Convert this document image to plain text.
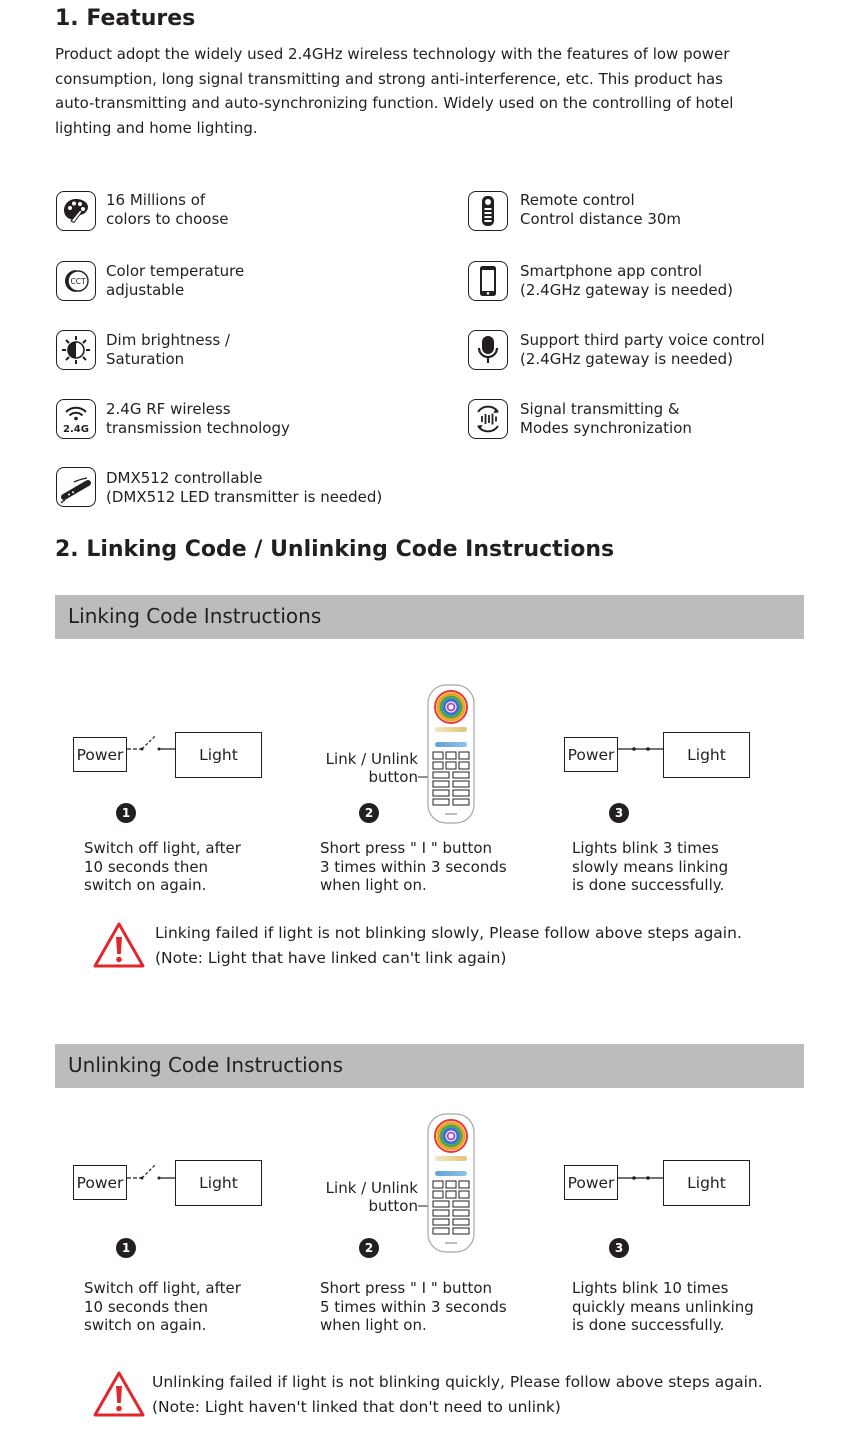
1. Features
Product adopt the widely used 2.4GHz wireless technology with the features of low power consumption, long signal transmitting and strong anti-interference, etc. This product has auto-transmitting and auto-synchronizing function. Widely used on the controlling of hotel lighting and home lighting.
16 Millions of
colors to choose
Remote control
Control distance 30m
CCT
Color temperature
adjustable
Smartphone app control
(2.4GHz gateway is needed)
Dim brightness /
Saturation
Support third party voice control
(2.4GHz gateway is needed)
2.4G
2.4G RF wireless
transmission technology
Signal transmitting &
Modes synchronization
DMX512 controllable
(DMX512 LED transmitter is needed)
2. Linking Code / Unlinking Code Instructions
Linking Code Instructions
Power	Light	Link / Unlink
button
Power	Light
1	2	3
Switch off light, after
10 seconds then
switch on again.
Short press " I " button
3 times within 3 seconds
when light on.
Lights blink 3 times
slowly means linking
is done successfully.
Linking failed if light is not blinking slowly, Please follow above steps again.
(Note: Light that have linked can't link again)
Unlinking Code Instructions
Power	Light	Link / Unlink
button
Power	Light
1	2	3
Switch off light, after
10 seconds then
switch on again.
Short press " I " button
5 times within 3 seconds
when light on.
Lights blink 10 times
quickly means unlinking
is done successfully.
Unlinking failed if light is not blinking quickly, Please follow above steps again.
(Note: Light haven't linked that don't need to unlink)
